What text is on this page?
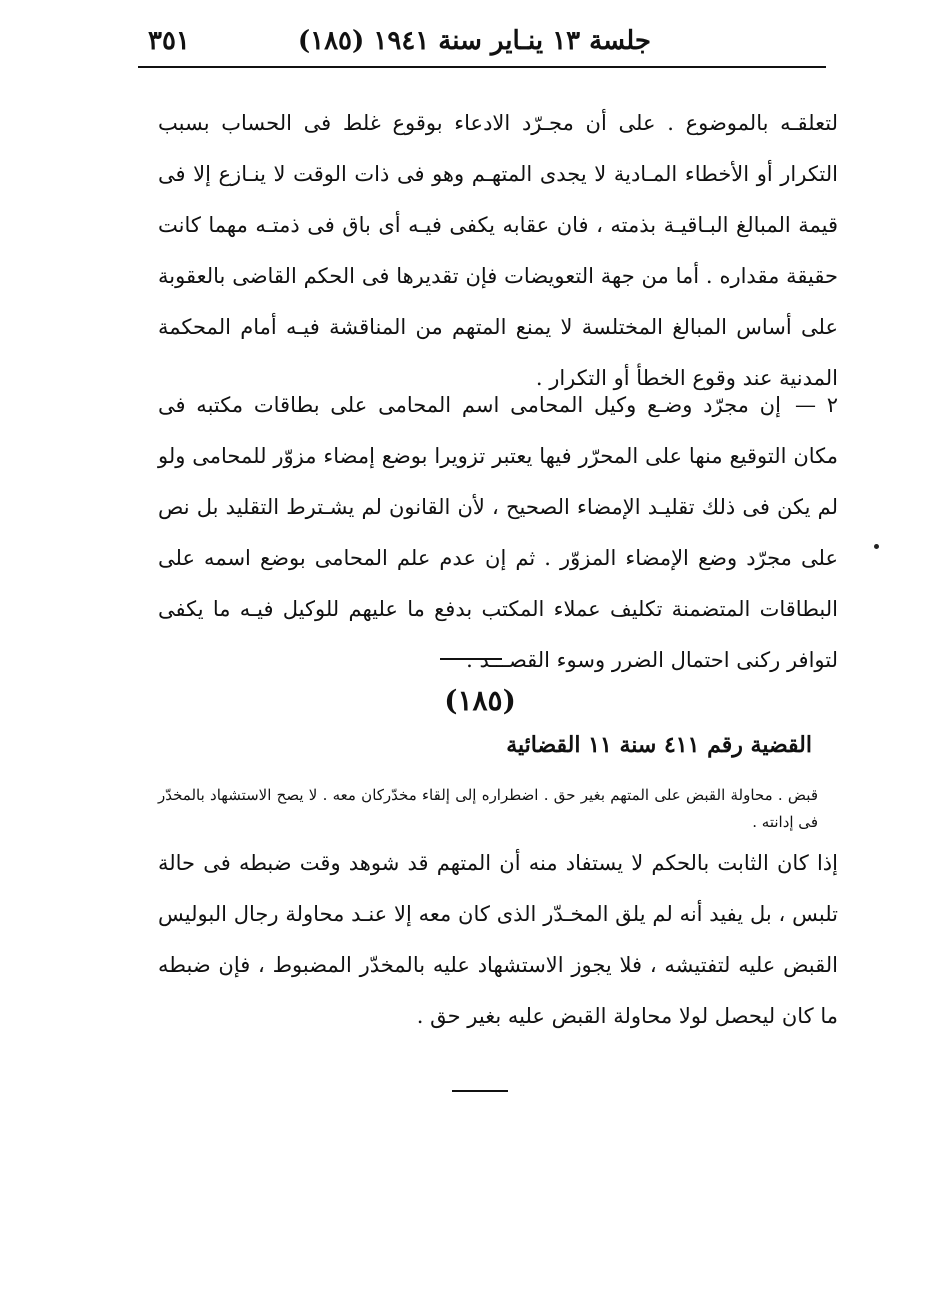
جلسة ١٣ ينـاير سنة ١٩٤١ (١٨٥)
٣٥١
لتعلقـه بالموضوع . على أن مجـرّد الادعاء بوقوع غلط فى الحساب بسبب التكرار أو الأخطاء المـادية لا يجدى المتهـم وهو فى ذات الوقت لا ينـازع إلا فى قيمة المبالغ البـاقيـة بذمته ، فان عقابه يكفى فيـه أى باق فى ذمتـه مهما كانت حقيقة مقداره . أما من جهة التعويضات فإن تقديرها فى الحكم القاضى بالعقوبة على أساس المبالغ المختلسة لا يمنع المتهم من المناقشة فيـه أمام المحكمة المدنية عند وقوع الخطأ أو التكرار .
٢ —إن مجرّد وضـع وكيل المحامى اسم المحامى على بطاقات مكتبه فى مكان التوقيع منها على المحرّر فيها يعتبر تزويرا بوضع إمضاء مزوّر للمحامى ولو لم يكن فى ذلك تقليـد الإمضاء الصحيح ، لأن القانون لم يشـترط التقليد بل نص على مجرّد وضع الإمضاء المزوّر . ثم إن عدم علم المحامى بوضع اسمه على البطاقات المتضمنة تكليف عملاء المكتب بدفع ما عليهم للوكيل فيـه ما يكفى لتوافر ركنى احتمال الضرر وسوء القصـــد .
(١٨٥)
القضية رقم ٤١١ سنة ١١ القضائية
قبض . محاولة القبض على المتهم بغير حق . اضطراره إلى إلقاء مخدّركان معه . لا يصح الاستشهاد بالمخدّر فى إدانته .
إذا كان الثابت بالحكم لا يستفاد منه أن المتهم قد شوهد وقت ضبطه فى حالة تلبس ، بل يفيد أنه لم يلق المخـدّر الذى كان معه إلا عنـد محاولة رجال البوليس القبض عليه لتفتيشه ، فلا يجوز الاستشهاد عليه بالمخدّر المضبوط ، فإن ضبطه ما كان ليحصل لولا محاولة القبض عليه بغير حق .
